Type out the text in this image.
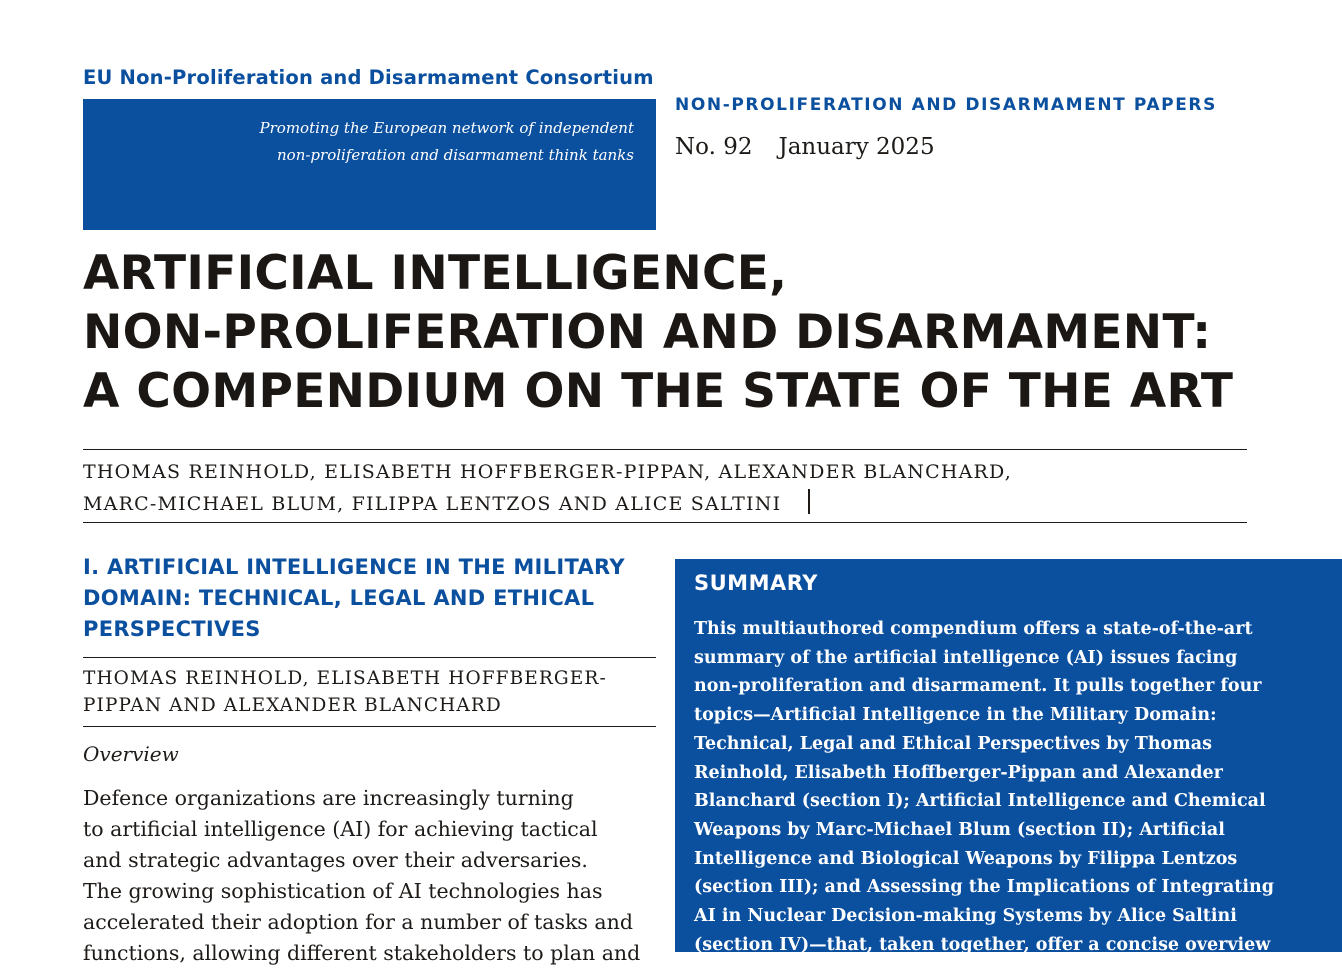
EU Non-Proliferation and Disarmament Consortium
Promoting the European network of independent
non-proliferation and disarmament think tanks
NON-PROLIFERATION AND DISARMAMENT PAPERS
No. 92 January 2025
ARTIFICIAL INTELLIGENCE,
NON-PROLIFERATION AND DISARMAMENT:
A COMPENDIUM ON THE STATE OF THE ART
THOMAS REINHOLD, ELISABETH HOFFBERGER-PIPPAN, ALEXANDER BLANCHARD,
MARC-MICHAEL BLUM, FILIPPA LENTZOS AND ALICE SALTINI
I. ARTIFICIAL INTELLIGENCE IN THE MILITARY
DOMAIN: TECHNICAL, LEGAL AND ETHICAL
PERSPECTIVES
THOMAS REINHOLD, ELISABETH HOFFBERGER-
PIPPAN AND ALEXANDER BLANCHARD
Overview
Defence organizations are increasingly turning
to artificial intelligence (AI) for achieving tactical
and strategic advantages over their adversaries.
The growing sophistication of AI technologies has
accelerated their adoption for a number of tasks and
functions, allowing different stakeholders to plan and
SUMMARY
This multiauthored compendium offers a state-of-the-art
summary of the artificial intelligence (AI) issues facing
non-proliferation and disarmament. It pulls together four
topics—Artificial Intelligence in the Military Domain:
Technical, Legal and Ethical Perspectives by Thomas
Reinhold, Elisabeth Hoffberger-Pippan and Alexander
Blanchard (section I); Artificial Intelligence and Chemical
Weapons by Marc-Michael Blum (section II); Artificial
Intelligence and Biological Weapons by Filippa Lentzos
(section III); and Assessing the Implications of Integrating
AI in Nuclear Decision-making Systems by Alice Saltini
(section IV)—that, taken together, offer a concise overview
